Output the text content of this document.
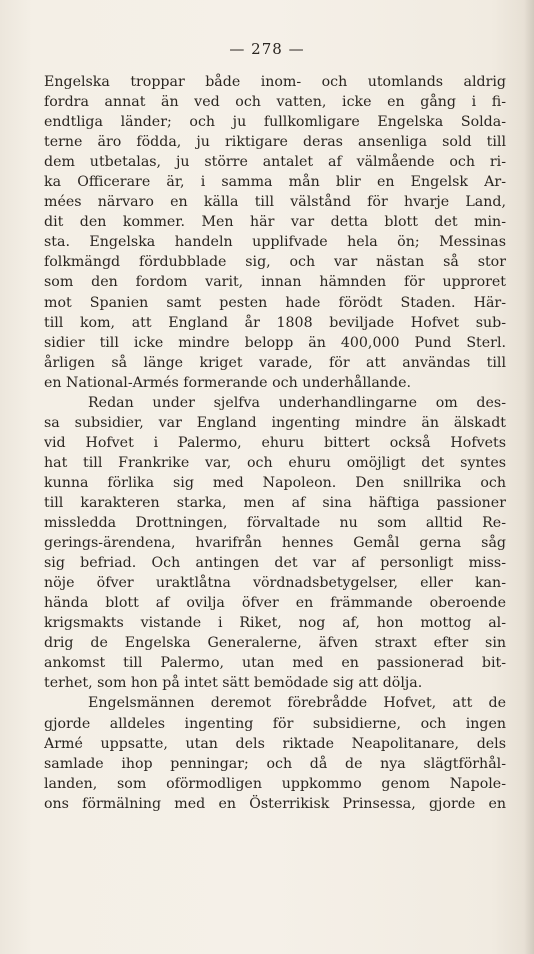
— 278 —
Engelska troppar både inom- och utomlands aldrig
fordra annat än ved och vatten, icke en gång i fi-
endtliga länder; och ju fullkomligare Engelska Solda-
terne äro födda, ju riktigare deras ansenliga sold till
dem utbetalas, ju större antalet af välmående och ri-
ka Officerare är, i samma mån blir en Engelsk Ar-
mées närvaro en källa till välstånd för hvarje Land,
dit den kommer. Men här var detta blott det min-
sta. Engelska handeln upplifvade hela ön; Messinas
folkmängd fördubblade sig, och var nästan så stor
som den fordom varit, innan hämnden för upproret
mot Spanien samt pesten hade förödt Staden. Här-
till kom, att England år 1808 beviljade Hofvet sub-
sidier till icke mindre belopp än 400,000 Pund Sterl.
årligen så länge kriget varade, för att användas till
en National-Armés formerande och underhållande.
Redan under sjelfva underhandlingarne om des-
sa subsidier, var England ingenting mindre än älskadt
vid Hofvet i Palermo, ehuru bittert också Hofvets
hat till Frankrike var, och ehuru omöjligt det syntes
kunna förlika sig med Napoleon. Den snillrika och
till karakteren starka, men af sina häftiga passioner
missledda Drottningen, förvaltade nu som alltid Re-
gerings-ärendena, hvarifrån hennes Gemål gerna såg
sig befriad. Och antingen det var af personligt miss-
nöje öfver uraktlåtna vördnadsbetygelser, eller kan-
hända blott af ovilja öfver en främmande oberoende
krigsmakts vistande i Riket, nog af, hon mottog al-
drig de Engelska Generalerne, äfven straxt efter sin
ankomst till Palermo, utan med en passionerad bit-
terhet, som hon på intet sätt bemödade sig att dölja.
Engelsmännen deremot förebrådde Hofvet, att de
gjorde alldeles ingenting för subsidierne, och ingen
Armé uppsatte, utan dels riktade Neapolitanare, dels
samlade ihop penningar; och då de nya slägtförhål-
landen, som oförmodligen uppkommo genom Napole-
ons förmälning med en Österrikisk Prinsessa, gjorde en
